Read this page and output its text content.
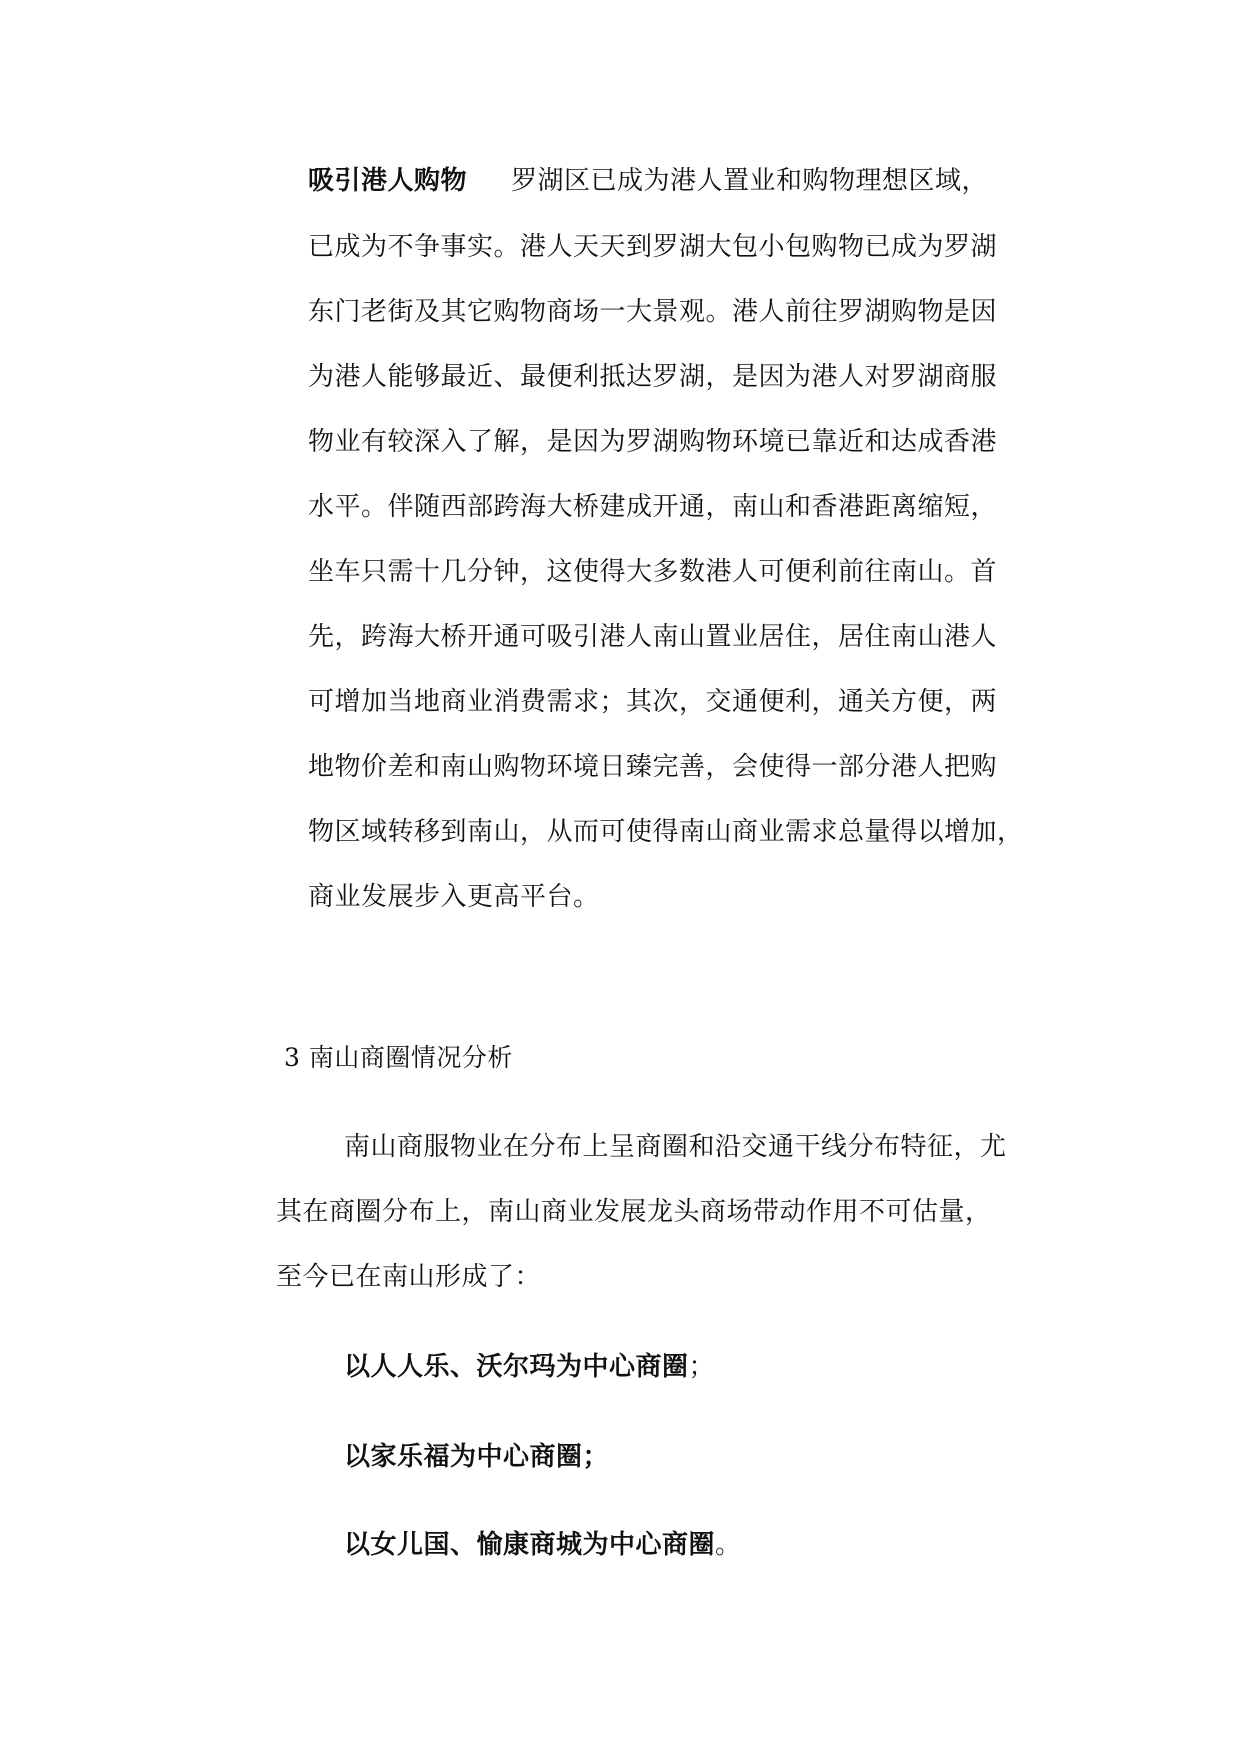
吸引港人购物 罗湖区已成为港人置业和购物理想区域，
已成为不争事实。港人天天到罗湖大包小包购物已成为罗湖
东门老街及其它购物商场一大景观。港人前往罗湖购物是因
为港人能够最近、最便利抵达罗湖，是因为港人对罗湖商服
物业有较深入了解，是因为罗湖购物环境已靠近和达成香港
水平。伴随西部跨海大桥建成开通，南山和香港距离缩短，
坐车只需十几分钟，这使得大多数港人可便利前往南山。首
先，跨海大桥开通可吸引港人南山置业居住，居住南山港人
可增加当地商业消费需求；其次，交通便利，通关方便，两
地物价差和南山购物环境日臻完善，会使得一部分港人把购
物区域转移到南山，从而可使得南山商业需求总量得以增加，
商业发展步入更高平台。
3 南山商圈情况分析
南山商服物业在分布上呈商圈和沿交通干线分布特征，尤
其在商圈分布上，南山商业发展龙头商场带动作用不可估量，
至今已在南山形成了：
以人人乐、沃尔玛为中心商圈；
以家乐福为中心商圈；
以女儿国、愉康商城为中心商圈。
